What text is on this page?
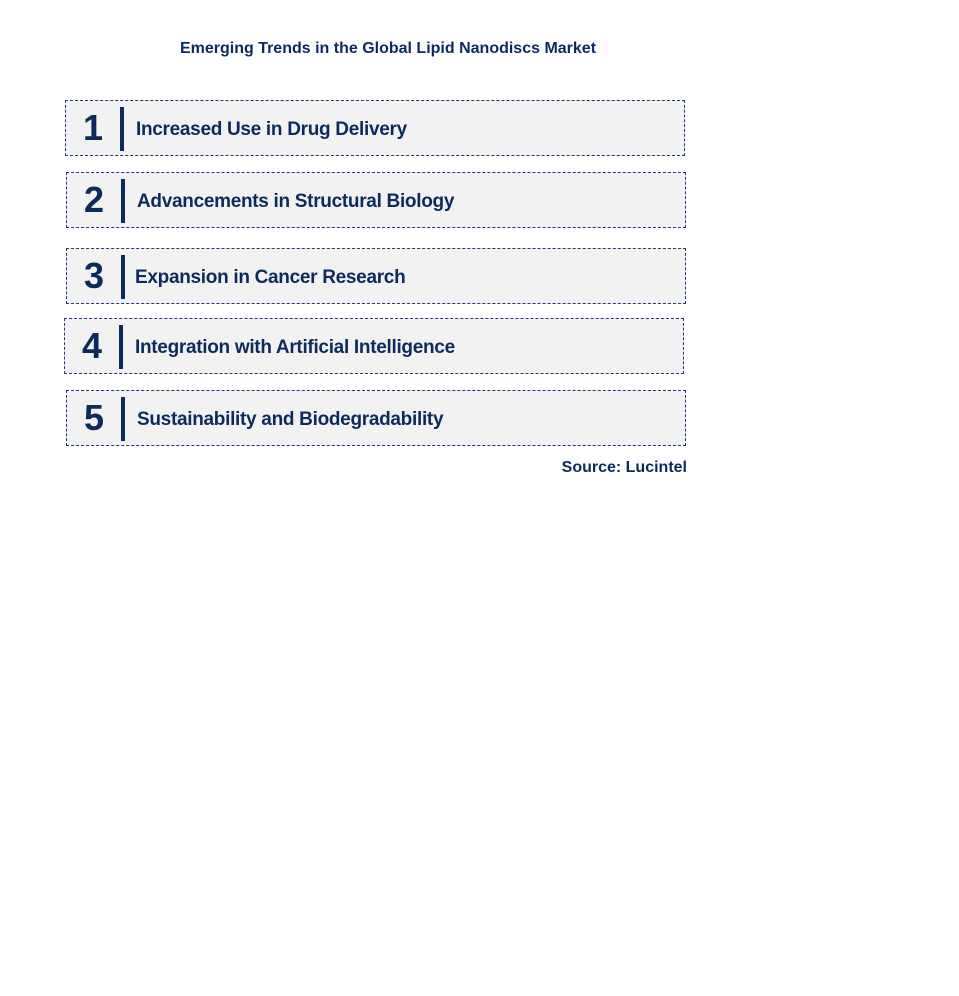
Emerging Trends in the Global Lipid Nanodiscs Market
1	Increased Use in Drug Delivery
2	Advancements in Structural Biology
3	Expansion in Cancer Research
4	Integration with Artificial Intelligence
5	Sustainability and Biodegradability
Source: Lucintel
